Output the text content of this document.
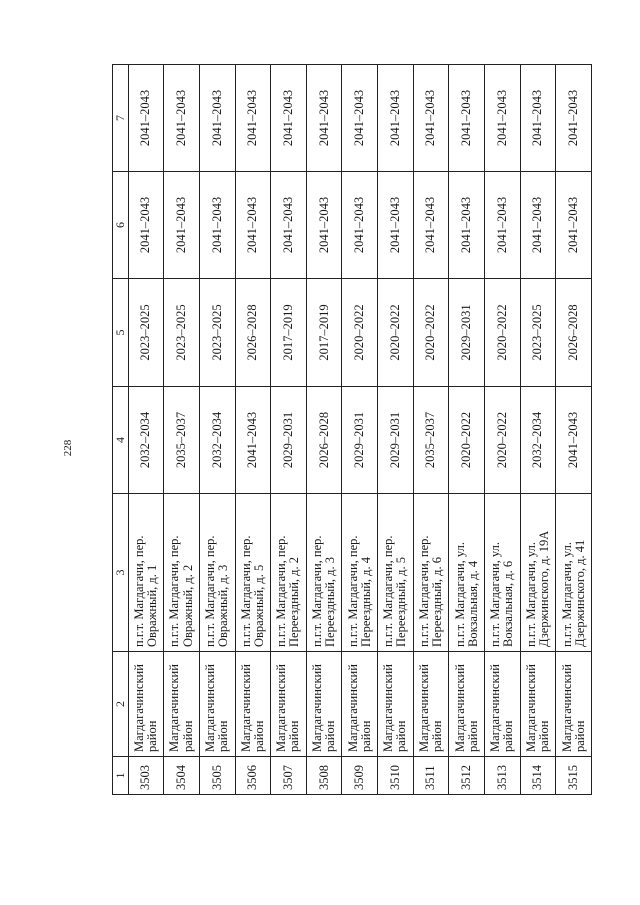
228
1	2	3	4	5	6	7
3503	Магдагачинский район	п.г.т. Магдагачи, пер. Овражный, д. 1	2032–2034	2023–2025	2041–2043	2041–2043
3504	Магдагачинский район	п.г.т. Магдагачи, пер. Овражный, д. 2	2035–2037	2023–2025	2041–2043	2041–2043
3505	Магдагачинский район	п.г.т. Магдагачи, пер. Овражный, д. 3	2032–2034	2023–2025	2041–2043	2041–2043
3506	Магдагачинский район	п.г.т. Магдагачи, пер. Овражный, д. 5	2041–2043	2026–2028	2041–2043	2041–2043
3507	Магдагачинский район	п.г.т. Магдагачи, пер. Переездный, д. 2	2029–2031	2017–2019	2041–2043	2041–2043
3508	Магдагачинский район	п.г.т. Магдагачи, пер. Переездный, д. 3	2026–2028	2017–2019	2041–2043	2041–2043
3509	Магдагачинский район	п.г.т. Магдагачи, пер. Переездный, д. 4	2029–2031	2020–2022	2041–2043	2041–2043
3510	Магдагачинский район	п.г.т. Магдагачи, пер. Переездный, д. 5	2029–2031	2020–2022	2041–2043	2041–2043
3511	Магдагачинский район	п.г.т. Магдагачи, пер. Переездный, д. 6	2035–2037	2020–2022	2041–2043	2041–2043
3512	Магдагачинский район	п.г.т. Магдагачи, ул. Вокзальная, д. 4	2020–2022	2029–2031	2041–2043	2041–2043
3513	Магдагачинский район	п.г.т. Магдагачи, ул. Вокзальная, д. 6	2020–2022	2020–2022	2041–2043	2041–2043
3514	Магдагачинский район	п.г.т. Магдагачи, ул. Дзержинского, д. 19А	2032–2034	2023–2025	2041–2043	2041–2043
3515	Магдагачинский район	п.г.т. Магдагачи, ул. Дзержинского, д. 41	2041–2043	2026–2028	2041–2043	2041–2043
